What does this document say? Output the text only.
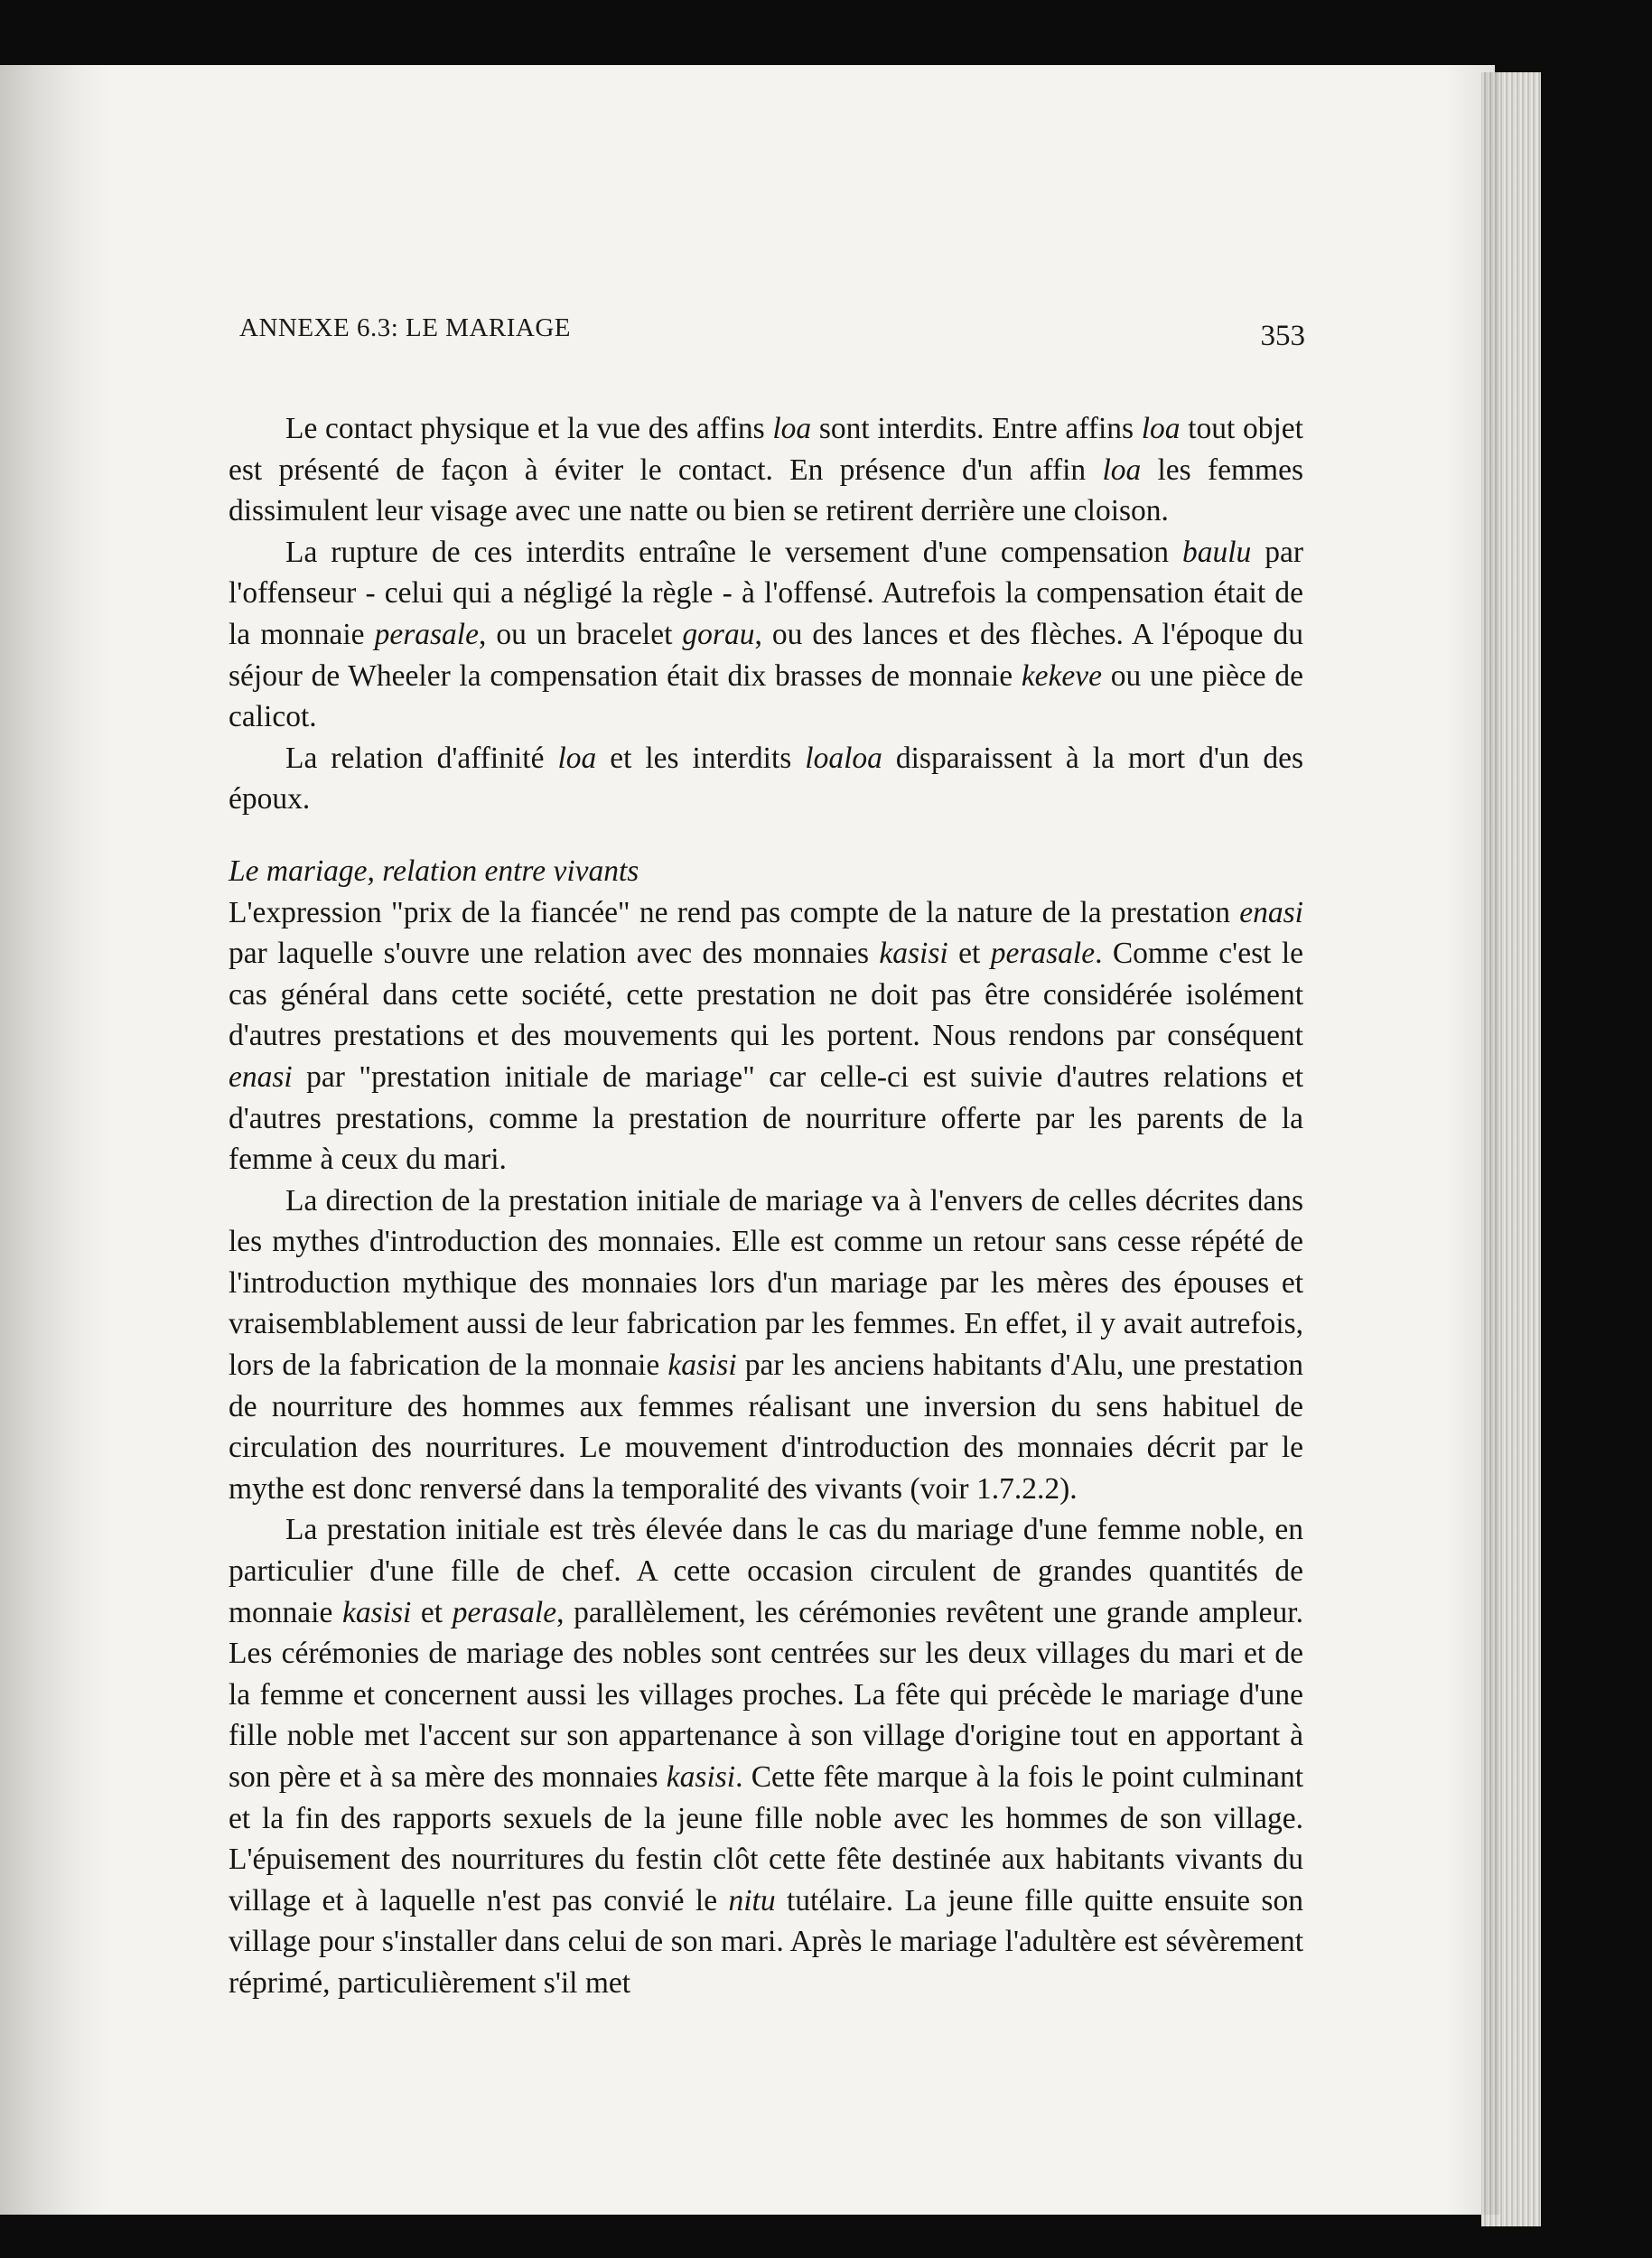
ANNEXE 6.3: LE MARIAGE	353

Le contact physique et la vue des affins loa sont interdits. Entre affins loa tout objet est présenté de façon à éviter le contact. En présence d'un affin loa les femmes dissimulent leur visage avec une natte ou bien se retirent derrière une cloison.

La rupture de ces interdits entraîne le versement d'une compensation baulu par l'offenseur - celui qui a négligé la règle - à l'offensé. Autrefois la compensation était de la monnaie perasale, ou un bracelet gorau, ou des lances et des flèches. A l'époque du séjour de Wheeler la compensation était dix brasses de monnaie kekeve ou une pièce de calicot.

La relation d'affinité loa et les interdits loaloa disparaissent à la mort d'un des époux.

Le mariage, relation entre vivants

L'expression "prix de la fiancée" ne rend pas compte de la nature de la prestation enasi par laquelle s'ouvre une relation avec des monnaies kasisi et perasale. Comme c'est le cas général dans cette société, cette prestation ne doit pas être considérée isolément d'autres prestations et des mouvements qui les portent. Nous rendons par conséquent enasi par "prestation initiale de mariage" car celle-ci est suivie d'autres relations et d'autres prestations, comme la prestation de nourriture offerte par les parents de la femme à ceux du mari.

La direction de la prestation initiale de mariage va à l'envers de celles décrites dans les mythes d'introduction des monnaies. Elle est comme un retour sans cesse répété de l'introduction mythique des monnaies lors d'un mariage par les mères des épouses et vraisemblablement aussi de leur fabrication par les femmes. En effet, il y avait autrefois, lors de la fabrication de la monnaie kasisi par les anciens habitants d'Alu, une prestation de nourriture des hommes aux femmes réalisant une inversion du sens habituel de circulation des nourritures. Le mouvement d'introduction des monnaies décrit par le mythe est donc renversé dans la temporalité des vivants (voir 1.7.2.2).

La prestation initiale est très élevée dans le cas du mariage d'une femme noble, en particulier d'une fille de chef. A cette occasion circulent de grandes quantités de monnaie kasisi et perasale, parallèlement, les cérémonies revêtent une grande ampleur. Les cérémonies de mariage des nobles sont centrées sur les deux villages du mari et de la femme et concernent aussi les villages proches. La fête qui précède le mariage d'une fille noble met l'accent sur son appartenance à son village d'origine tout en apportant à son père et à sa mère des monnaies kasisi. Cette fête marque à la fois le point culminant et la fin des rapports sexuels de la jeune fille noble avec les hommes de son village. L'épuisement des nourritures du festin clôt cette fête destinée aux habitants vivants du village et à laquelle n'est pas convié le nitu tutélaire. La jeune fille quitte ensuite son village pour s'installer dans celui de son mari. Après le mariage l'adultère est sévèrement réprimé, particulièrement s'il met
